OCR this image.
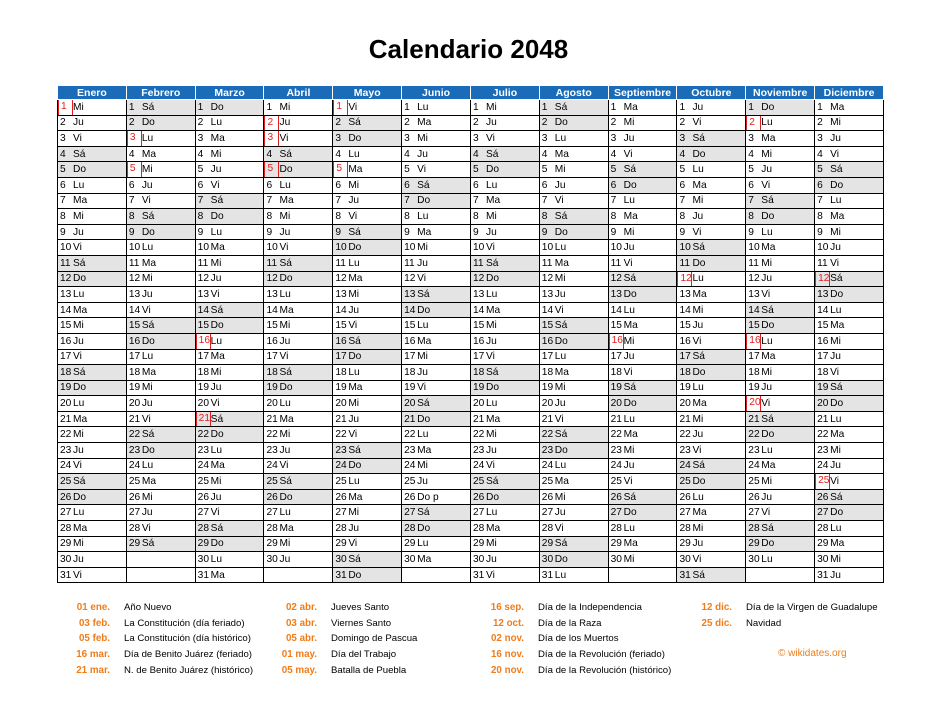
Calendario 2048
Enero	Febrero	Marzo	Abril	Mayo	Junio	Julio	Agosto	Septiembre	Octubre	Noviembre	Diciembre

1 Mi	1 Sá	1 Do	1 Mi	1 Vi	1 Lu	1 Mi	1 Sá	1 Ma	1 Ju	1 Do	1 Ma

2 Ju	2 Do	2 Lu	2 Ju	2 Sá	2 Ma	2 Ju	2 Do	2 Mi	2 Vi	2 Lu	2 Mi

3 Vi	3 Lu	3 Ma	3 Vi	3 Do	3 Mi	3 Vi	3 Lu	3 Ju	3 Sá	3 Ma	3 Ju

4 Sá	4 Ma	4 Mi	4 Sá	4 Lu	4 Ju	4 Sá	4 Ma	4 Vi	4 Do	4 Mi	4 Vi

5 Do	5 Mi	5 Ju	5 Do	5 Ma	5 Vi	5 Do	5 Mi	5 Sá	5 Lu	5 Ju	5 Sá

6 Lu	6 Ju	6 Vi	6 Lu	6 Mi	6 Sá	6 Lu	6 Ju	6 Do	6 Ma	6 Vi	6 Do

7 Ma	7 Vi	7 Sá	7 Ma	7 Ju	7 Do	7 Ma	7 Vi	7 Lu	7 Mi	7 Sá	7 Lu

8 Mi	8 Sá	8 Do	8 Mi	8 Vi	8 Lu	8 Mi	8 Sá	8 Ma	8 Ju	8 Do	8 Ma

9 Ju	9 Do	9 Lu	9 Ju	9 Sá	9 Ma	9 Ju	9 Do	9 Mi	9 Vi	9 Lu	9 Mi

10 Vi	10 Lu	10 Ma	10 Vi	10 Do	10 Mi	10 Vi	10 Lu	10 Ju	10 Sá	10 Ma	10 Ju

11 Sá	11 Ma	11 Mi	11 Sá	11 Lu	11 Ju	11 Sá	11 Ma	11 Vi	11 Do	11 Mi	11 Vi

12 Do	12 Mi	12 Ju	12 Do	12 Ma	12 Vi	12 Do	12 Mi	12 Sá	12 Lu	12 Ju	12 Sá

13 Lu	13 Ju	13 Vi	13 Lu	13 Mi	13 Sá	13 Lu	13 Ju	13 Do	13 Ma	13 Vi	13 Do

14 Ma	14 Vi	14 Sá	14 Ma	14 Ju	14 Do	14 Ma	14 Vi	14 Lu	14 Mi	14 Sá	14 Lu

15 Mi	15 Sá	15 Do	15 Mi	15 Vi	15 Lu	15 Mi	15 Sá	15 Ma	15 Ju	15 Do	15 Ma

16 Ju	16 Do	16 Lu	16 Ju	16 Sá	16 Ma	16 Ju	16 Do	16 Mi	16 Vi	16 Lu	16 Mi

17 Vi	17 Lu	17 Ma	17 Vi	17 Do	17 Mi	17 Vi	17 Lu	17 Ju	17 Sá	17 Ma	17 Ju

18 Sá	18 Ma	18 Mi	18 Sá	18 Lu	18 Ju	18 Sá	18 Ma	18 Vi	18 Do	18 Mi	18 Vi

19 Do	19 Mi	19 Ju	19 Do	19 Ma	19 Vi	19 Do	19 Mi	19 Sá	19 Lu	19 Ju	19 Sá

20 Lu	20 Ju	20 Vi	20 Lu	20 Mi	20 Sá	20 Lu	20 Ju	20 Do	20 Ma	20 Vi	20 Do

21 Ma	21 Vi	21 Sá	21 Ma	21 Ju	21 Do	21 Ma	21 Vi	21 Lu	21 Mi	21 Sá	21 Lu

22 Mi	22 Sá	22 Do	22 Mi	22 Vi	22 Lu	22 Mi	22 Sá	22 Ma	22 Ju	22 Do	22 Ma

23 Ju	23 Do	23 Lu	23 Ju	23 Sá	23 Ma	23 Ju	23 Do	23 Mi	23 Vi	23 Lu	23 Mi

24 Vi	24 Lu	24 Ma	24 Vi	24 Do	24 Mi	24 Vi	24 Lu	24 Ju	24 Sá	24 Ma	24 Ju

25 Sá	25 Ma	25 Mi	25 Sá	25 Lu	25 Ju	25 Sá	25 Ma	25 Vi	25 Do	25 Mi	25 Vi

26 Do	26 Mi	26 Ju	26 Do	26 Ma	26 Do p	26 Do	26 Mi	26 Sá	26 Lu	26 Ju	26 Sá

27 Lu	27 Ju	27 Vi	27 Lu	27 Mi	27 Sá	27 Lu	27 Ju	27 Do	27 Ma	27 Vi	27 Do

28 Ma	28 Vi	28 Sá	28 Ma	28 Ju	28 Do	28 Ma	28 Vi	28 Lu	28 Mi	28 Sá	28 Lu

29 Mi	29 Sá	29 Do	29 Mi	29 Vi	29 Lu	29 Mi	29 Sá	29 Ma	29 Ju	29 Do	29 Ma

30 Ju		30 Lu	30 Ju	30 Sá	30 Ma	30 Ju	30 Do	30 Mi	30 Vi	30 Lu	30 Mi

31 Vi		31 Ma		31 Do		31 Vi	31 Lu		31 Sá		31 Ju
01 ene. Año Nuevo
03 feb. La Constitución (día feriado)
05 feb. La Constitución (día histórico)
16 mar. Día de Benito Juárez (feriado)
21 mar. N. de Benito Juárez (histórico)
02 abr. Jueves Santo
03 abr. Viernes Santo
05 abr. Domingo de Pascua
01 may. Día del Trabajo
05 may. Batalla de Puebla
16 sep. Día de la Independencia
12 oct. Día de la Raza
02 nov. Día de los Muertos
16 nov. Día de la Revolución (feriado)
20 nov. Día de la Revolución (histórico)
12 dic. Día de la Virgen de Guadalupe
25 dic. Navidad
© wikidates.org
